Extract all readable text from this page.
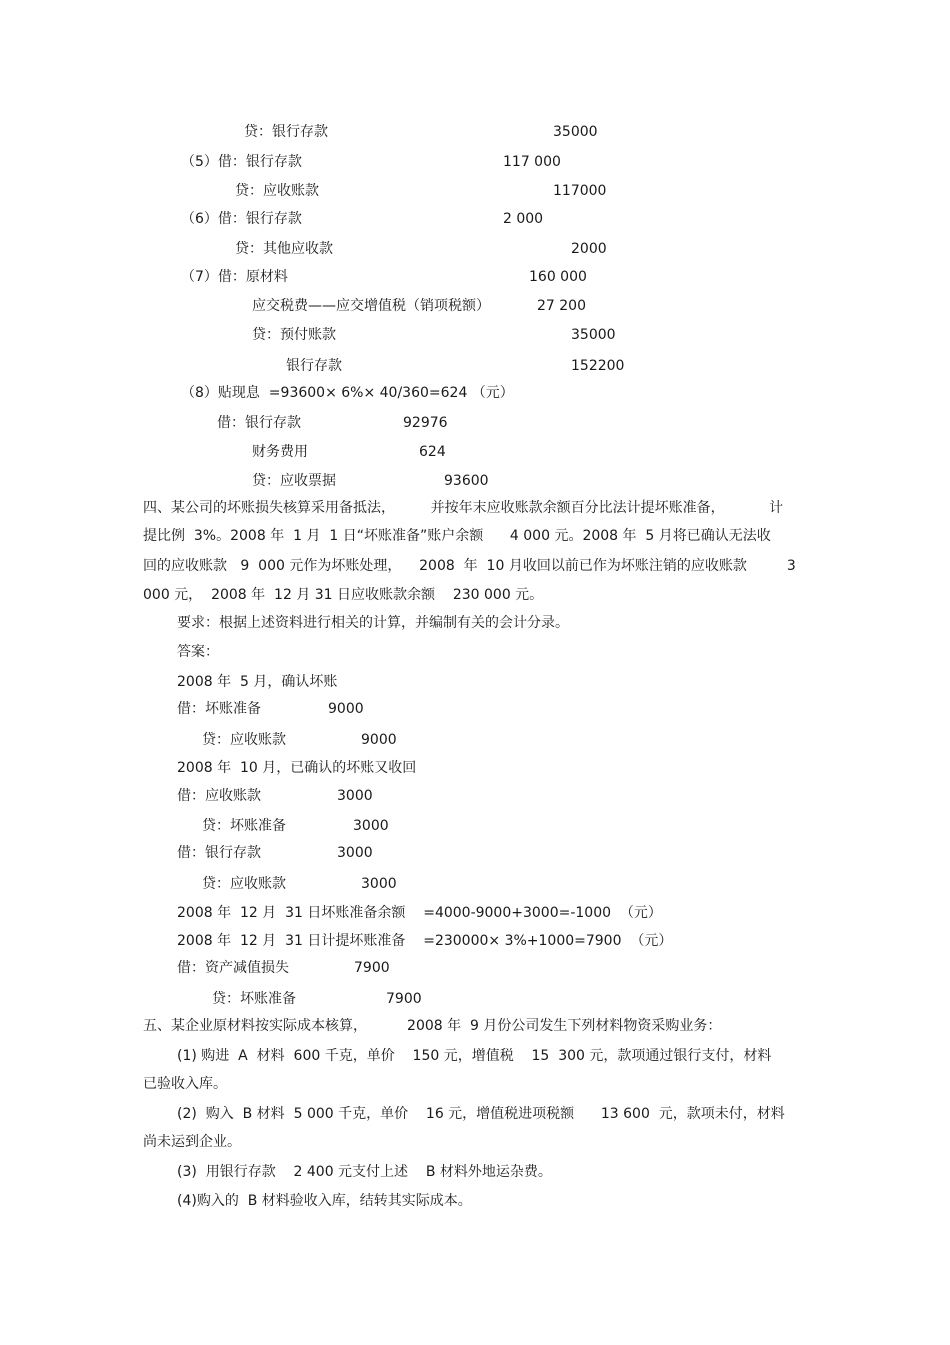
贷：银行存款	35000
（5）借：银行存款	117 000
贷：应收账款	117000
（6）借：银行存款	2 000
贷：其他应收款	2000
（7）借：原材料	160 000
应交税费——应交增值税（销项税额）	27 200
贷：预付账款	35000
银行存款	152200
（8）贴现息  =93600× 6%× 40/360=624 （元）
借：银行存款	92976
财务费用	624
贷：应收票据	93600
四、某公司的坏账损失核算采用备抵法，        并按年末应收账款余额百分比法计提坏账准备，          计
提比例  3%。2008 年  1 月  1 日“坏账准备”账户余额      4 000 元。2008 年  5 月将已确认无法收
回的应收账款   9  000 元作为坏账处理，    2008  年  10 月收回以前已作为坏账注销的应收账款         3
000 元，  2008 年  12 月 31 日应收账款余额    230 000 元。
要求：根据上述资料进行相关的计算，并编制有关的会计分录。
答案：
2008 年  5 月，确认坏账
借：坏账准备	9000
贷：应收账款	9000
2008 年  10 月，已确认的坏账又收回
借：应收账款	3000
贷：坏账准备	3000
借：银行存款	3000
贷：应收账款	3000
2008 年  12 月  31 日坏账准备余额    =4000-9000+3000=-1000  （元）
2008 年  12 月  31 日计提坏账准备    =230000× 3%+1000=7900  （元）
借：资产减值损失	7900
贷：坏账准备	7900
五、某企业原材料按实际成本核算，         2008 年  9 月份公司发生下列材料物资采购业务：
(1) 购进  A  材料  600 千克，单价    150 元，增值税    15  300 元，款项通过银行支付，材料
已验收入库。
(2)  购入  B 材料  5 000 千克，单价    16 元，增值税进项税额      13 600  元，款项未付，材料
尚未运到企业。
(3)  用银行存款    2 400 元支付上述    B 材料外地运杂费。
(4)购入的  B 材料验收入库，结转其实际成本。
